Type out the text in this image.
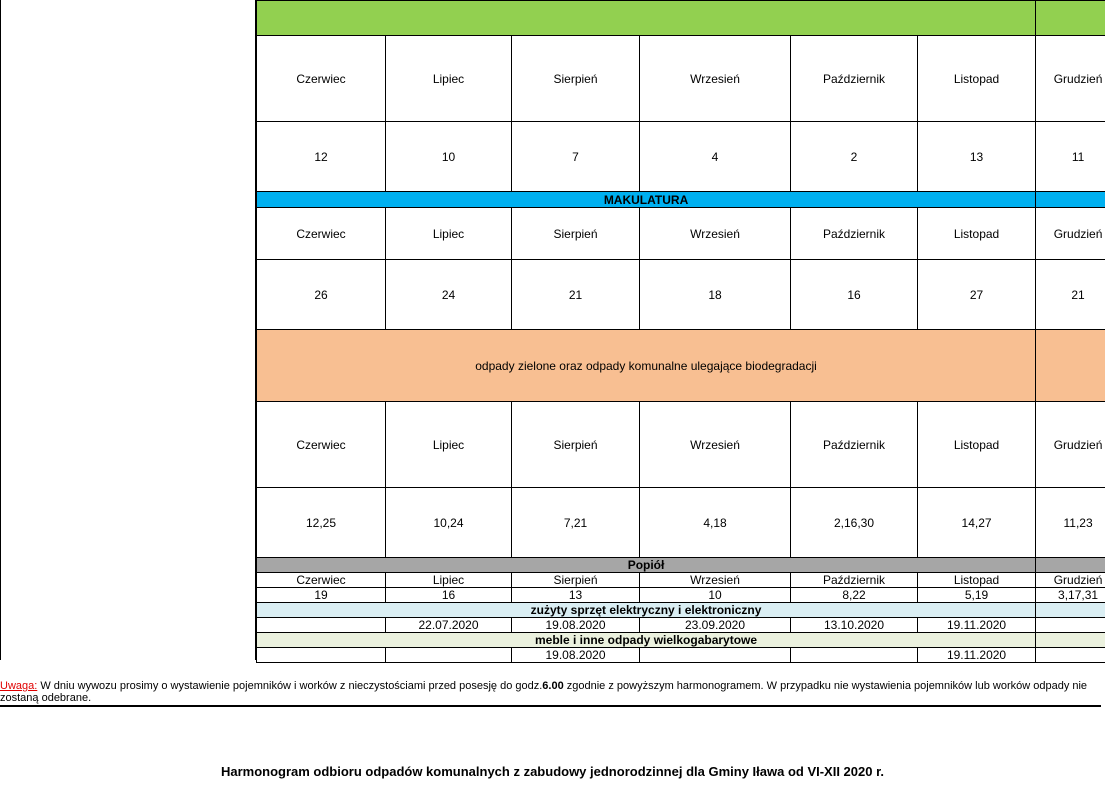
Czerwiec	Lipiec	Sierpień	Wrzesień	Październik	Listopad	Grudzień
12	10	7	4	2	13	11
MAKULATURA						
Czerwiec	Lipiec	Sierpień	Wrzesień	Październik	Listopad	Grudzień
26	24	21	18	16	27	21
odpady zielone oraz odpady komunalne ulegające biodegradacji						
Czerwiec	Lipiec	Sierpień	Wrzesień	Październik	Listopad	Grudzień
12,25	10,24	7,21	4,18	2,16,30	14,27	11,23
Popiół						
Czerwiec	Lipiec	Sierpień	Wrzesień	Październik	Listopad	Grudzień
19	16	13	10	8,22	5,19	3,17,31
zużyty sprzęt elektryczny i elektroniczny						
	22.07.2020	19.08.2020	23.09.2020	13.10.2020	19.11.2020	
meble i inne odpady wielkogabarytowe						
		19.08.2020			19.11.2020	
Uwaga: W dniu wywozu prosimy o wystawienie pojemników i worków z nieczystościami przed posesję do godz.6.00 zgodnie z powyższym harmonogramem. W przypadku nie wystawienia pojemników lub worków odpady nie zostaną odebrane.
Harmonogram odbioru odpadów komunalnych z zabudowy jednorodzinnej dla Gminy Iława od VI-XII 2020 r.
